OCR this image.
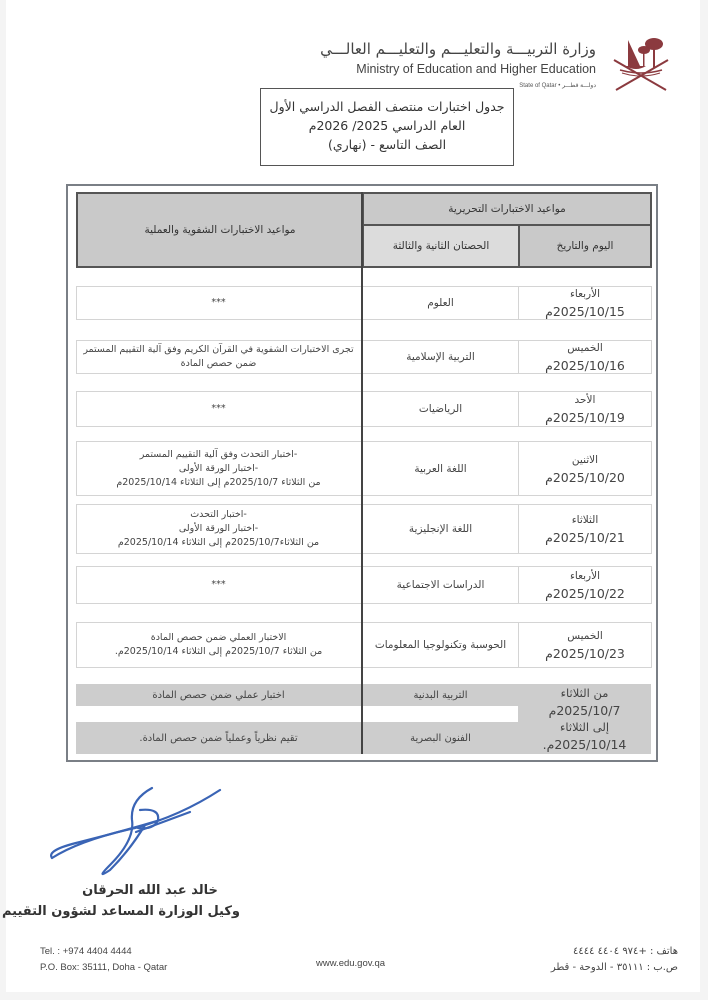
وزارة التربيـــة والتعليـــم والتعليـــم العالـــي
Ministry of Education and Higher Education
State of Qatar • دولـــة قطـــر
جدول اختبارات منتصف الفصل الدراسي الأول
العام الدراسي 2025/ 2026م
الصف التاسع - (نهاري)
مواعيد الاختبارات التحريرية
اليوم والتاريخ
الحصتان الثانية والثالثة
مواعيد الاختبارات الشفوية والعملية
الأربعاء
2025/10/15م
العلوم
***
الخميس
2025/10/16م
التربية الإسلامية
تجرى الاختبارات الشفوية في القرآن الكريم وفق آلية التقييم المستمر
ضمن حصص المادة
الأحد
2025/10/19م
الرياضيات
***
الاثنين
2025/10/20م
اللغة العربية
-اختبار التحدث وفق آلية التقييم المستمر
-اختبار الورقة الأولى
من الثلاثاء 2025/10/7م إلى الثلاثاء 2025/10/14م
الثلاثاء
2025/10/21م
اللغة الإنجليزية
-اختبار التحدث
-اختبار الورقة الأولى
من الثلاثاء2025/10/7م إلى الثلاثاء 2025/10/14م
الأربعاء
2025/10/22م
الدراسات الاجتماعية
***
الخميس
2025/10/23م
الحوسبة وتكنولوجيا المعلومات
الاختبار العملي ضمن حصص المادة
من الثلاثاء 2025/10/7م إلى الثلاثاء 2025/10/14م.
من الثلاثاء
2025/10/7م
إلى الثلاثاء
2025/10/14م.
التربية البدنية
اختبار عملي ضمن حصص المادة
الفنون البصرية
تقيم نظرياً وعملياً ضمن حصص المادة.
خالد عبد الله الحرقان
وكيل الوزارة المساعد لشؤون التقييم
Tel. : +974 4404 4444
P.O. Box: 35111, Doha - Qatar	www.edu.gov.qa
هاتف : +٩٧٤ ٤٤٠٤ ٤٤٤٤
ص.ب : ٣٥١١١ - الدوحة - قطر
